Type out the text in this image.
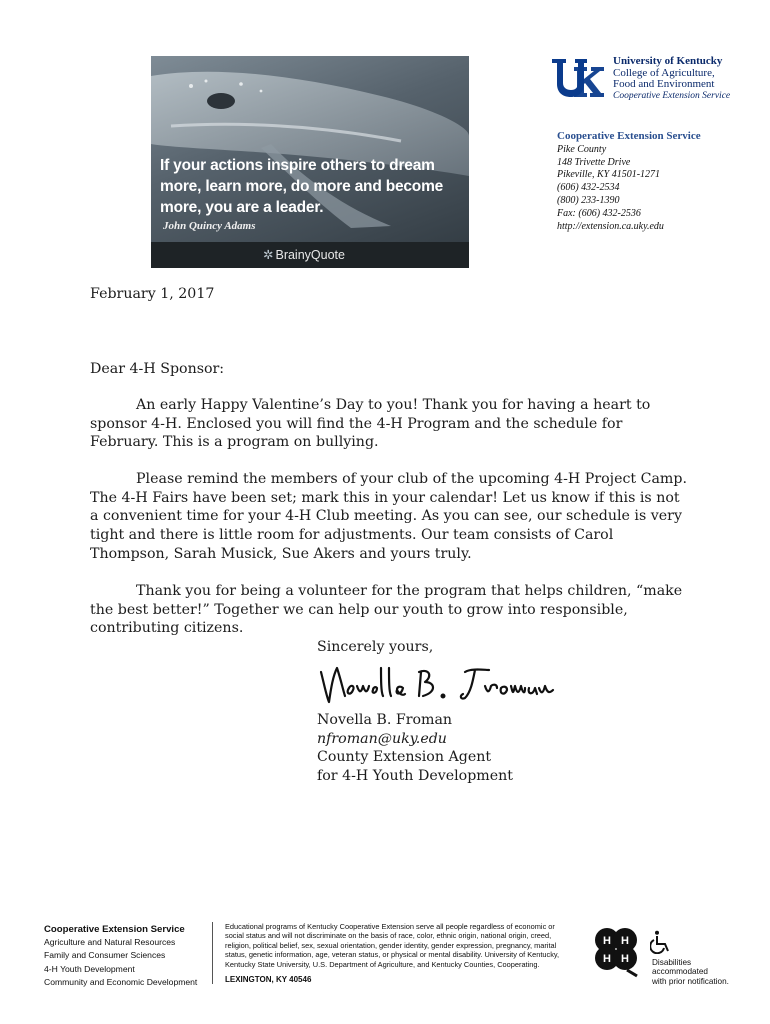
If your actions inspire others to dream more, learn more, do more and become more, you are a leader.
John Quincy Adams
✲ BrainyQuote
University of Kentucky
College of Agriculture,
Food and Environment
Cooperative Extension Service
Cooperative Extension Service
Pike County
148 Trivette Drive
Pikeville, KY 41501-1271
(606) 432-2534
(800) 233-1390
Fax: (606) 432-2536
http://extension.ca.uky.edu
February 1, 2017
Dear 4-H Sponsor:

An early Happy Valentine’s Day to you! Thank you for having a heart to sponsor 4-H. Enclosed you will find the 4-H Program and the schedule for February. This is a program on bullying.

Please remind the members of your club of the upcoming 4-H Project Camp. The 4-H Fairs have been set; mark this in your calendar! Let us know if this is not a convenient time for your 4-H Club meeting. As you can see, our schedule is very tight and there is little room for adjustments. Our team consists of Carol Thompson, Sarah Musick, Sue Akers and yours truly.

Thank you for being a volunteer for the program that helps children, “make the best better!” Together we can help our youth to grow into responsible, contributing citizens.

Sincerely yours,
Novella B. Froman
nfroman@uky.edu
County Extension Agent
for 4-H Youth Development
Cooperative Extension Service
Agriculture and Natural Resources
Family and Consumer Sciences
4-H Youth Development
Community and Economic Development
Educational programs of Kentucky Cooperative Extension serve all people regardless of economic or social status and will not discriminate on the basis of race, color, ethnic origin, national origin, creed, religion, political belief, sex, sexual orientation, gender identity, gender expression, pregnancy, marital status, genetic information, age, veteran status, or physical or mental disability. University of Kentucky, Kentucky State University, U.S. Department of Agriculture, and Kentucky Counties, Cooperating.
LEXINGTON, KY 40546
H H
H H	Disabilities
accommodated
with prior notification.
